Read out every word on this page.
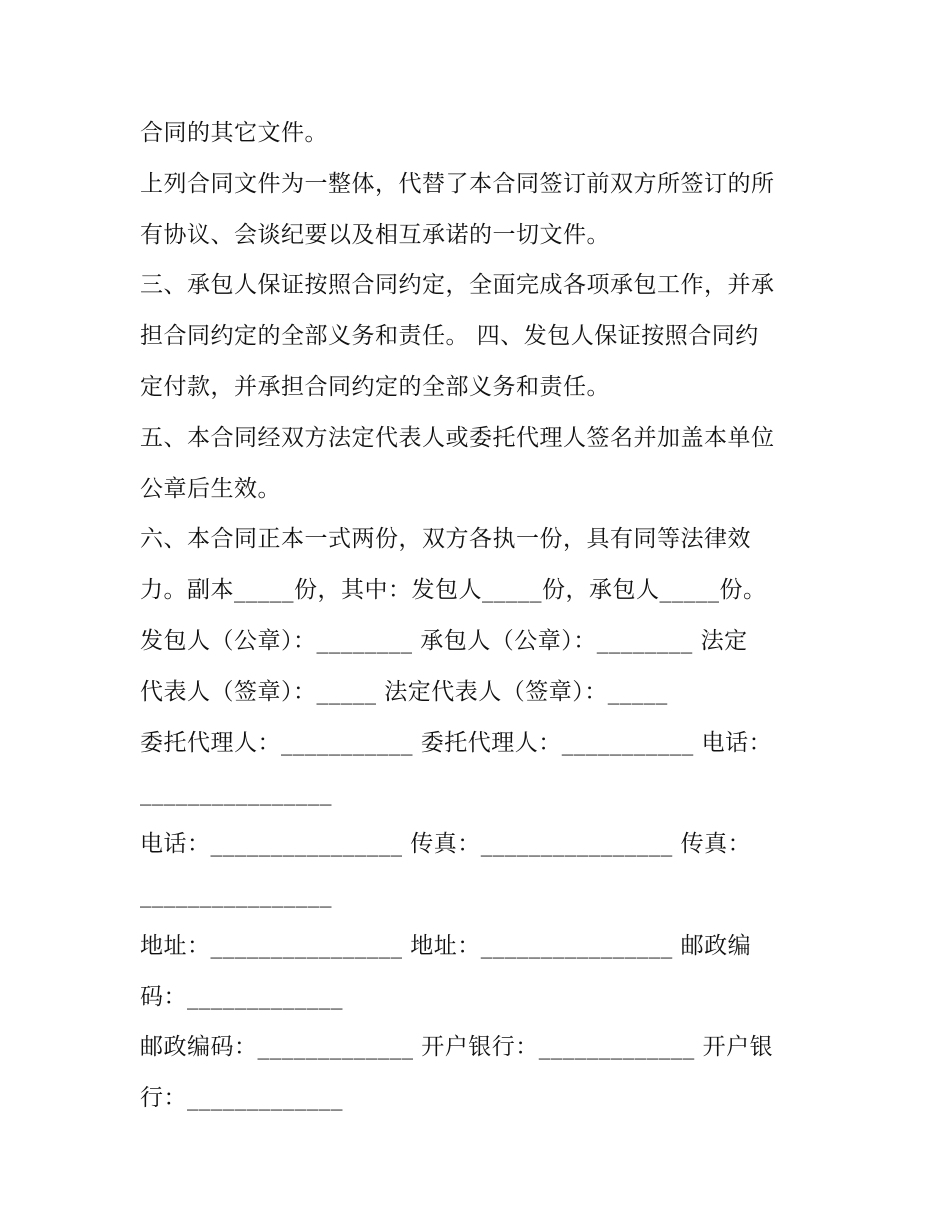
合同的其它文件。
上列合同文件为一整体，代替了本合同签订前双方所签订的所
有协议、会谈纪要以及相互承诺的一切文件。
三、承包人保证按照合同约定，全面完成各项承包工作，并承
担合同约定的全部义务和责任。 四、发包人保证按照合同约
定付款，并承担合同约定的全部义务和责任。
五、本合同经双方法定代表人或委托代理人签名并加盖本单位
公章后生效。
六、本合同正本一式两份，双方各执一份，具有同等法律效
力。副本_____份，其中：发包人_____份，承包人_____份。
发包人（公章）：________ 承包人（公章）：________ 法定
代表人（签章）：_____ 法定代表人（签章）：_____
委托代理人：___________ 委托代理人：___________ 电话：
________________
电话：________________ 传真：________________ 传真：
________________
地址：________________ 地址：________________ 邮政编
码：_____________
邮政编码：_____________ 开户银行：_____________ 开户银
行：_____________
